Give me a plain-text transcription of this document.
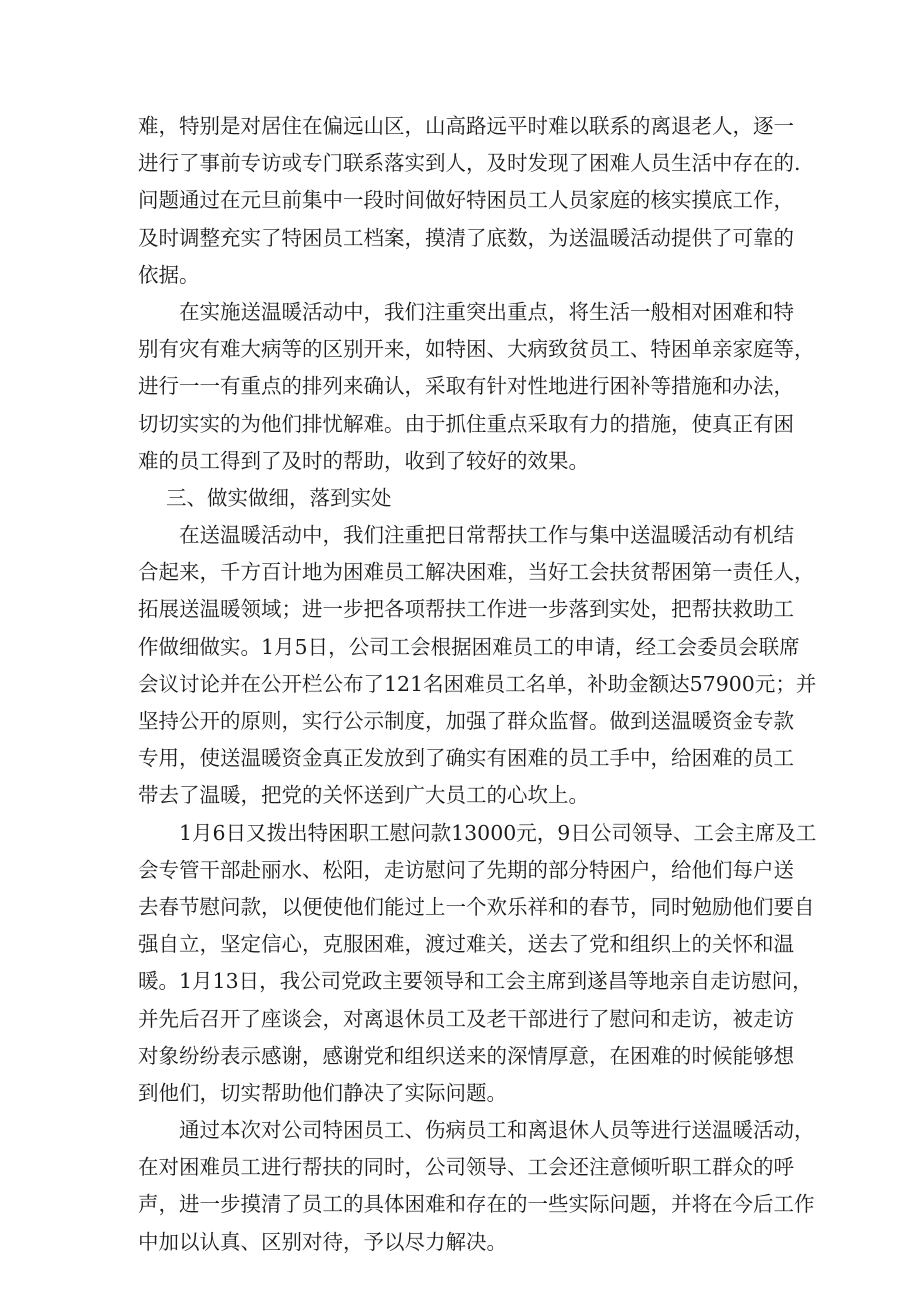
难，特别是对居住在偏远山区，山高路远平时难以联系的离退老人，逐一
进行了事前专访或专门联系落实到人，及时发现了困难人员生活中存在的.
问题通过在元旦前集中一段时间做好特困员工人员家庭的核实摸底工作，
及时调整充实了特困员工档案，摸清了底数，为送温暖活动提供了可靠的
依据。
在实施送温暖活动中，我们注重突出重点，将生活一般相对困难和特
别有灾有难大病等的区别开来，如特困、大病致贫员工、特困单亲家庭等，
进行一一有重点的排列来确认，采取有针对性地进行困补等措施和办法，
切切实实的为他们排忧解难。由于抓住重点采取有力的措施，使真正有困
难的员工得到了及时的帮助，收到了较好的效果。
三、做实做细，落到实处
在送温暖活动中，我们注重把日常帮扶工作与集中送温暖活动有机结
合起来，千方百计地为困难员工解决困难，当好工会扶贫帮困第一责任人，
拓展送温暖领域；进一步把各项帮扶工作进一步落到实处，把帮扶救助工
作做细做实。1月5日，公司工会根据困难员工的申请，经工会委员会联席
会议讨论并在公开栏公布了121名困难员工名单，补助金额达57900元；并
坚持公开的原则，实行公示制度，加强了群众监督。做到送温暖资金专款
专用，使送温暖资金真正发放到了确实有困难的员工手中，给困难的员工
带去了温暖，把党的关怀送到广大员工的心坎上。
1月6日又拨出特困职工慰问款13000元，9日公司领导、工会主席及工
会专管干部赴丽水、松阳，走访慰问了先期的部分特困户，给他们每户送
去春节慰问款，以便使他们能过上一个欢乐祥和的春节，同时勉励他们要自
强自立，坚定信心，克服困难，渡过难关，送去了党和组织上的关怀和温
暖。1月13日，我公司党政主要领导和工会主席到遂昌等地亲自走访慰问，
并先后召开了座谈会，对离退休员工及老干部进行了慰问和走访，被走访
对象纷纷表示感谢，感谢党和组织送来的深情厚意，在困难的时候能够想
到他们，切实帮助他们静决了实际问题。
通过本次对公司特困员工、伤病员工和离退休人员等进行送温暖活动，
在对困难员工进行帮扶的同时，公司领导、工会还注意倾听职工群众的呼
声，进一步摸清了员工的具体困难和存在的一些实际问题，并将在今后工作
中加以认真、区别对待，予以尽力解决。
